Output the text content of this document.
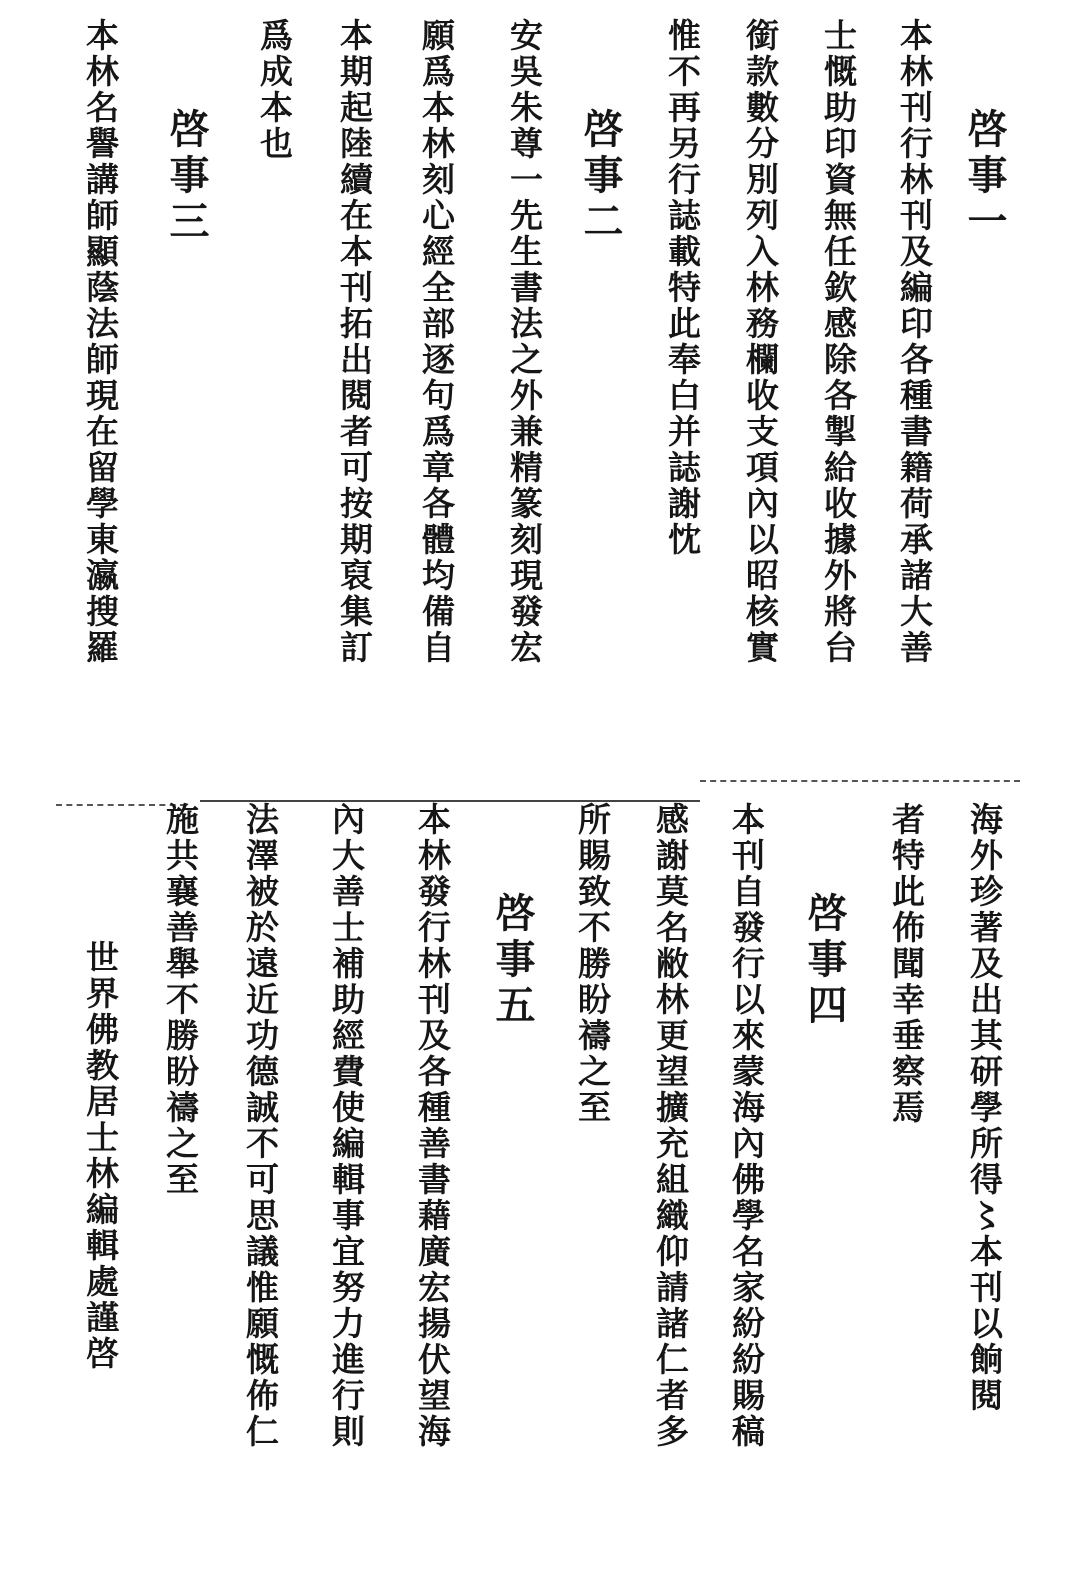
啓事一
本林刊行林刊及編印各種書籍荷承諸大善
士慨助印資無任欽感除各掣給收據外將台
銜款數分別列入林務欄收支項內以昭核實
惟不再另行誌載特此奉白并誌謝忱
啓事二
安吳朱尊一先生書法之外兼精篆刻現發宏
願爲本林刻心經全部逐句爲章各體均備自
本期起陸續在本刊拓出閱者可按期裒集訂
爲成本也
啓事三
本林名譽講師顯蔭法師現在留學東瀛搜羅
海外珍著及出其研學所得〻本刊以餉閱
者特此佈聞幸垂察焉
啓事四
本刊自發行以來蒙海內佛學名家紛紛賜稿
感謝莫名敝林更望擴充組織仰請諸仁者多
所賜致不勝盼禱之至
啓事五
本林發行林刊及各種善書藉廣宏揚伏望海
內大善士補助經費使編輯事宜努力進行則
法澤被於遠近功德誠不可思議惟願慨佈仁
施共襄善舉不勝盼禱之至
世界佛教居士林編輯處謹啓
